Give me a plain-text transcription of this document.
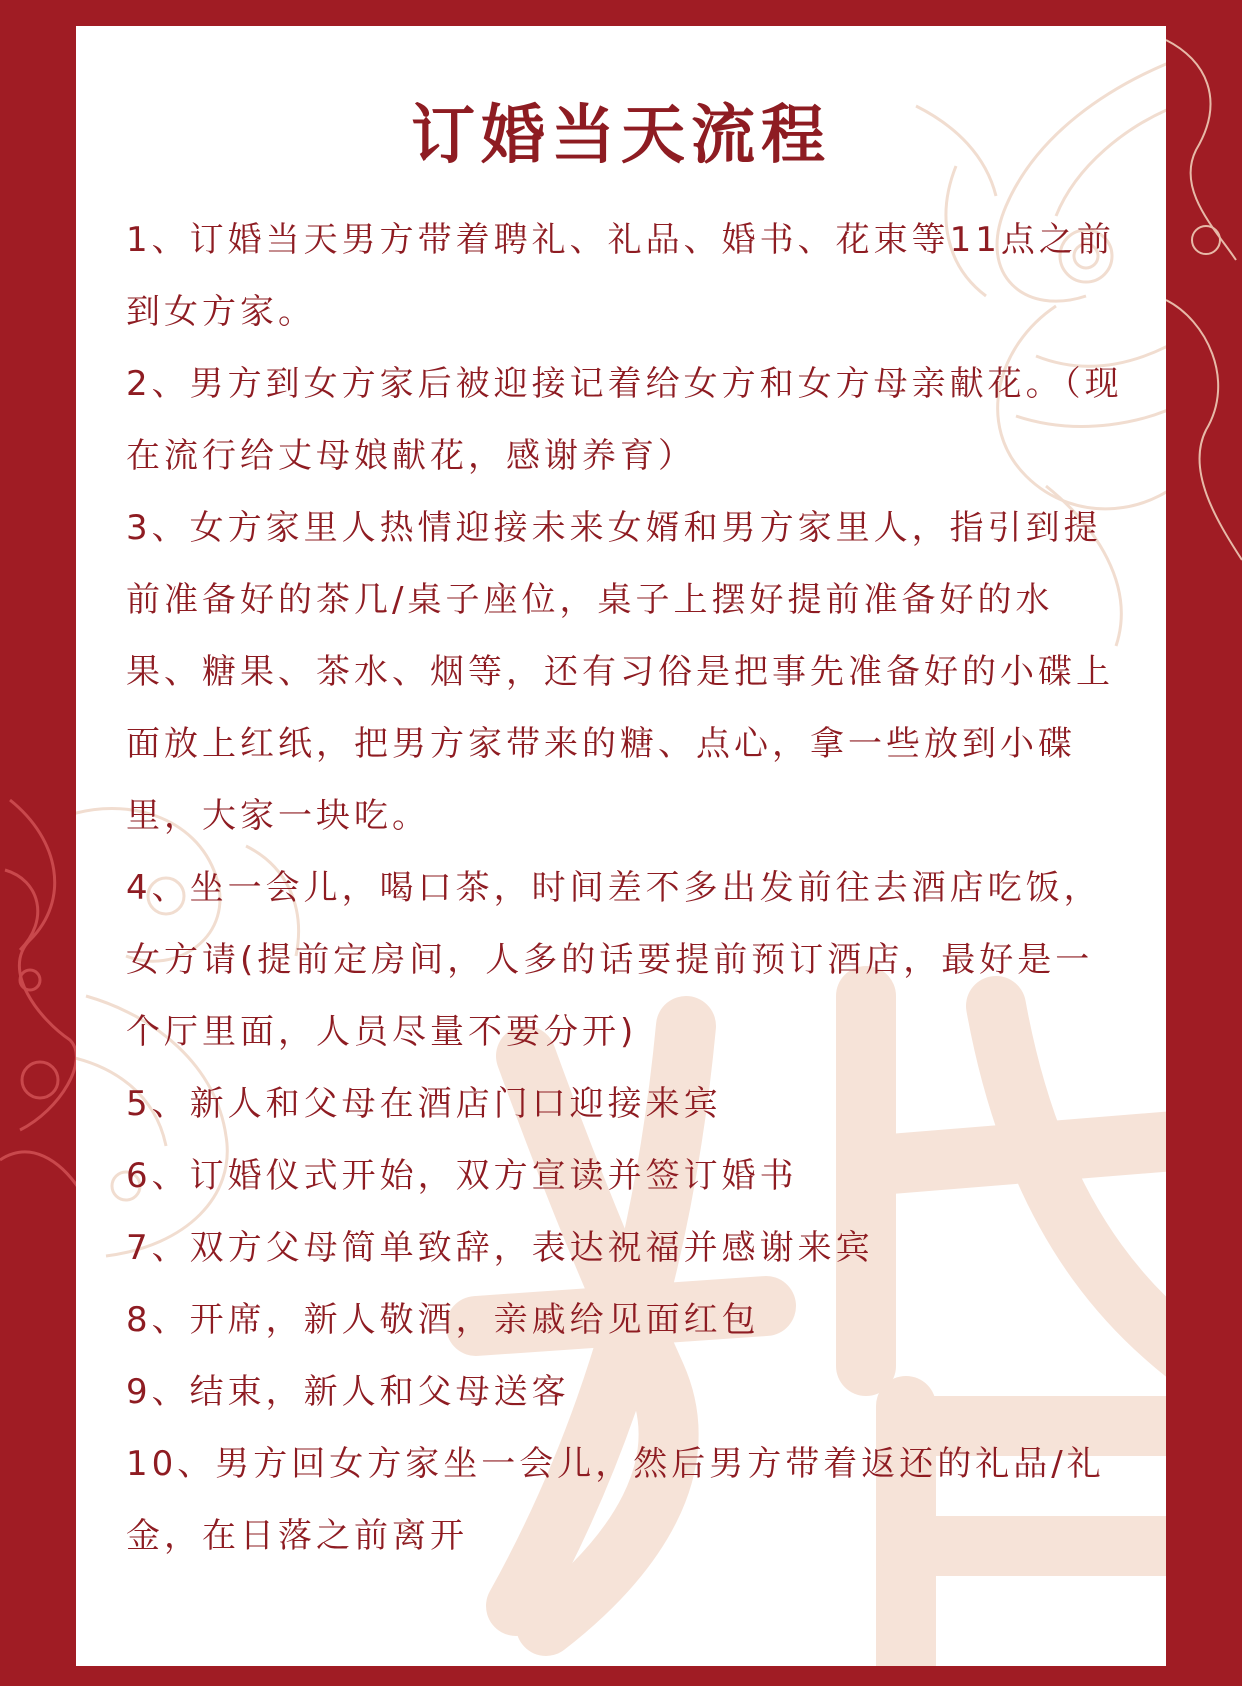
订婚当天流程

1、订婚当天男方带着聘礼、礼品、婚书、花束等11点之前到女方家。

2、男方到女方家后被迎接记着给女方和女方母亲献花。（现在流行给丈母娘献花，感谢养育）

3、女方家里人热情迎接未来女婿和男方家里人，指引到提前准备好的茶几/桌子座位，桌子上摆好提前准备好的水果、糖果、茶水、烟等，还有习俗是把事先准备好的小碟上面放上红纸，把男方家带来的糖、点心，拿一些放到小碟里，大家一块吃。

4、坐一会儿，喝口茶，时间差不多出发前往去酒店吃饭，女方请(提前定房间，人多的话要提前预订酒店，最好是一个厅里面，人员尽量不要分开)

5、新人和父母在酒店门口迎接来宾

6、订婚仪式开始，双方宣读并签订婚书

7、双方父母简单致辞，表达祝福并感谢来宾

8、开席，新人敬酒，亲戚给见面红包

9、结束，新人和父母送客

10、男方回女方家坐一会儿，然后男方带着返还的礼品/礼金，在日落之前离开
